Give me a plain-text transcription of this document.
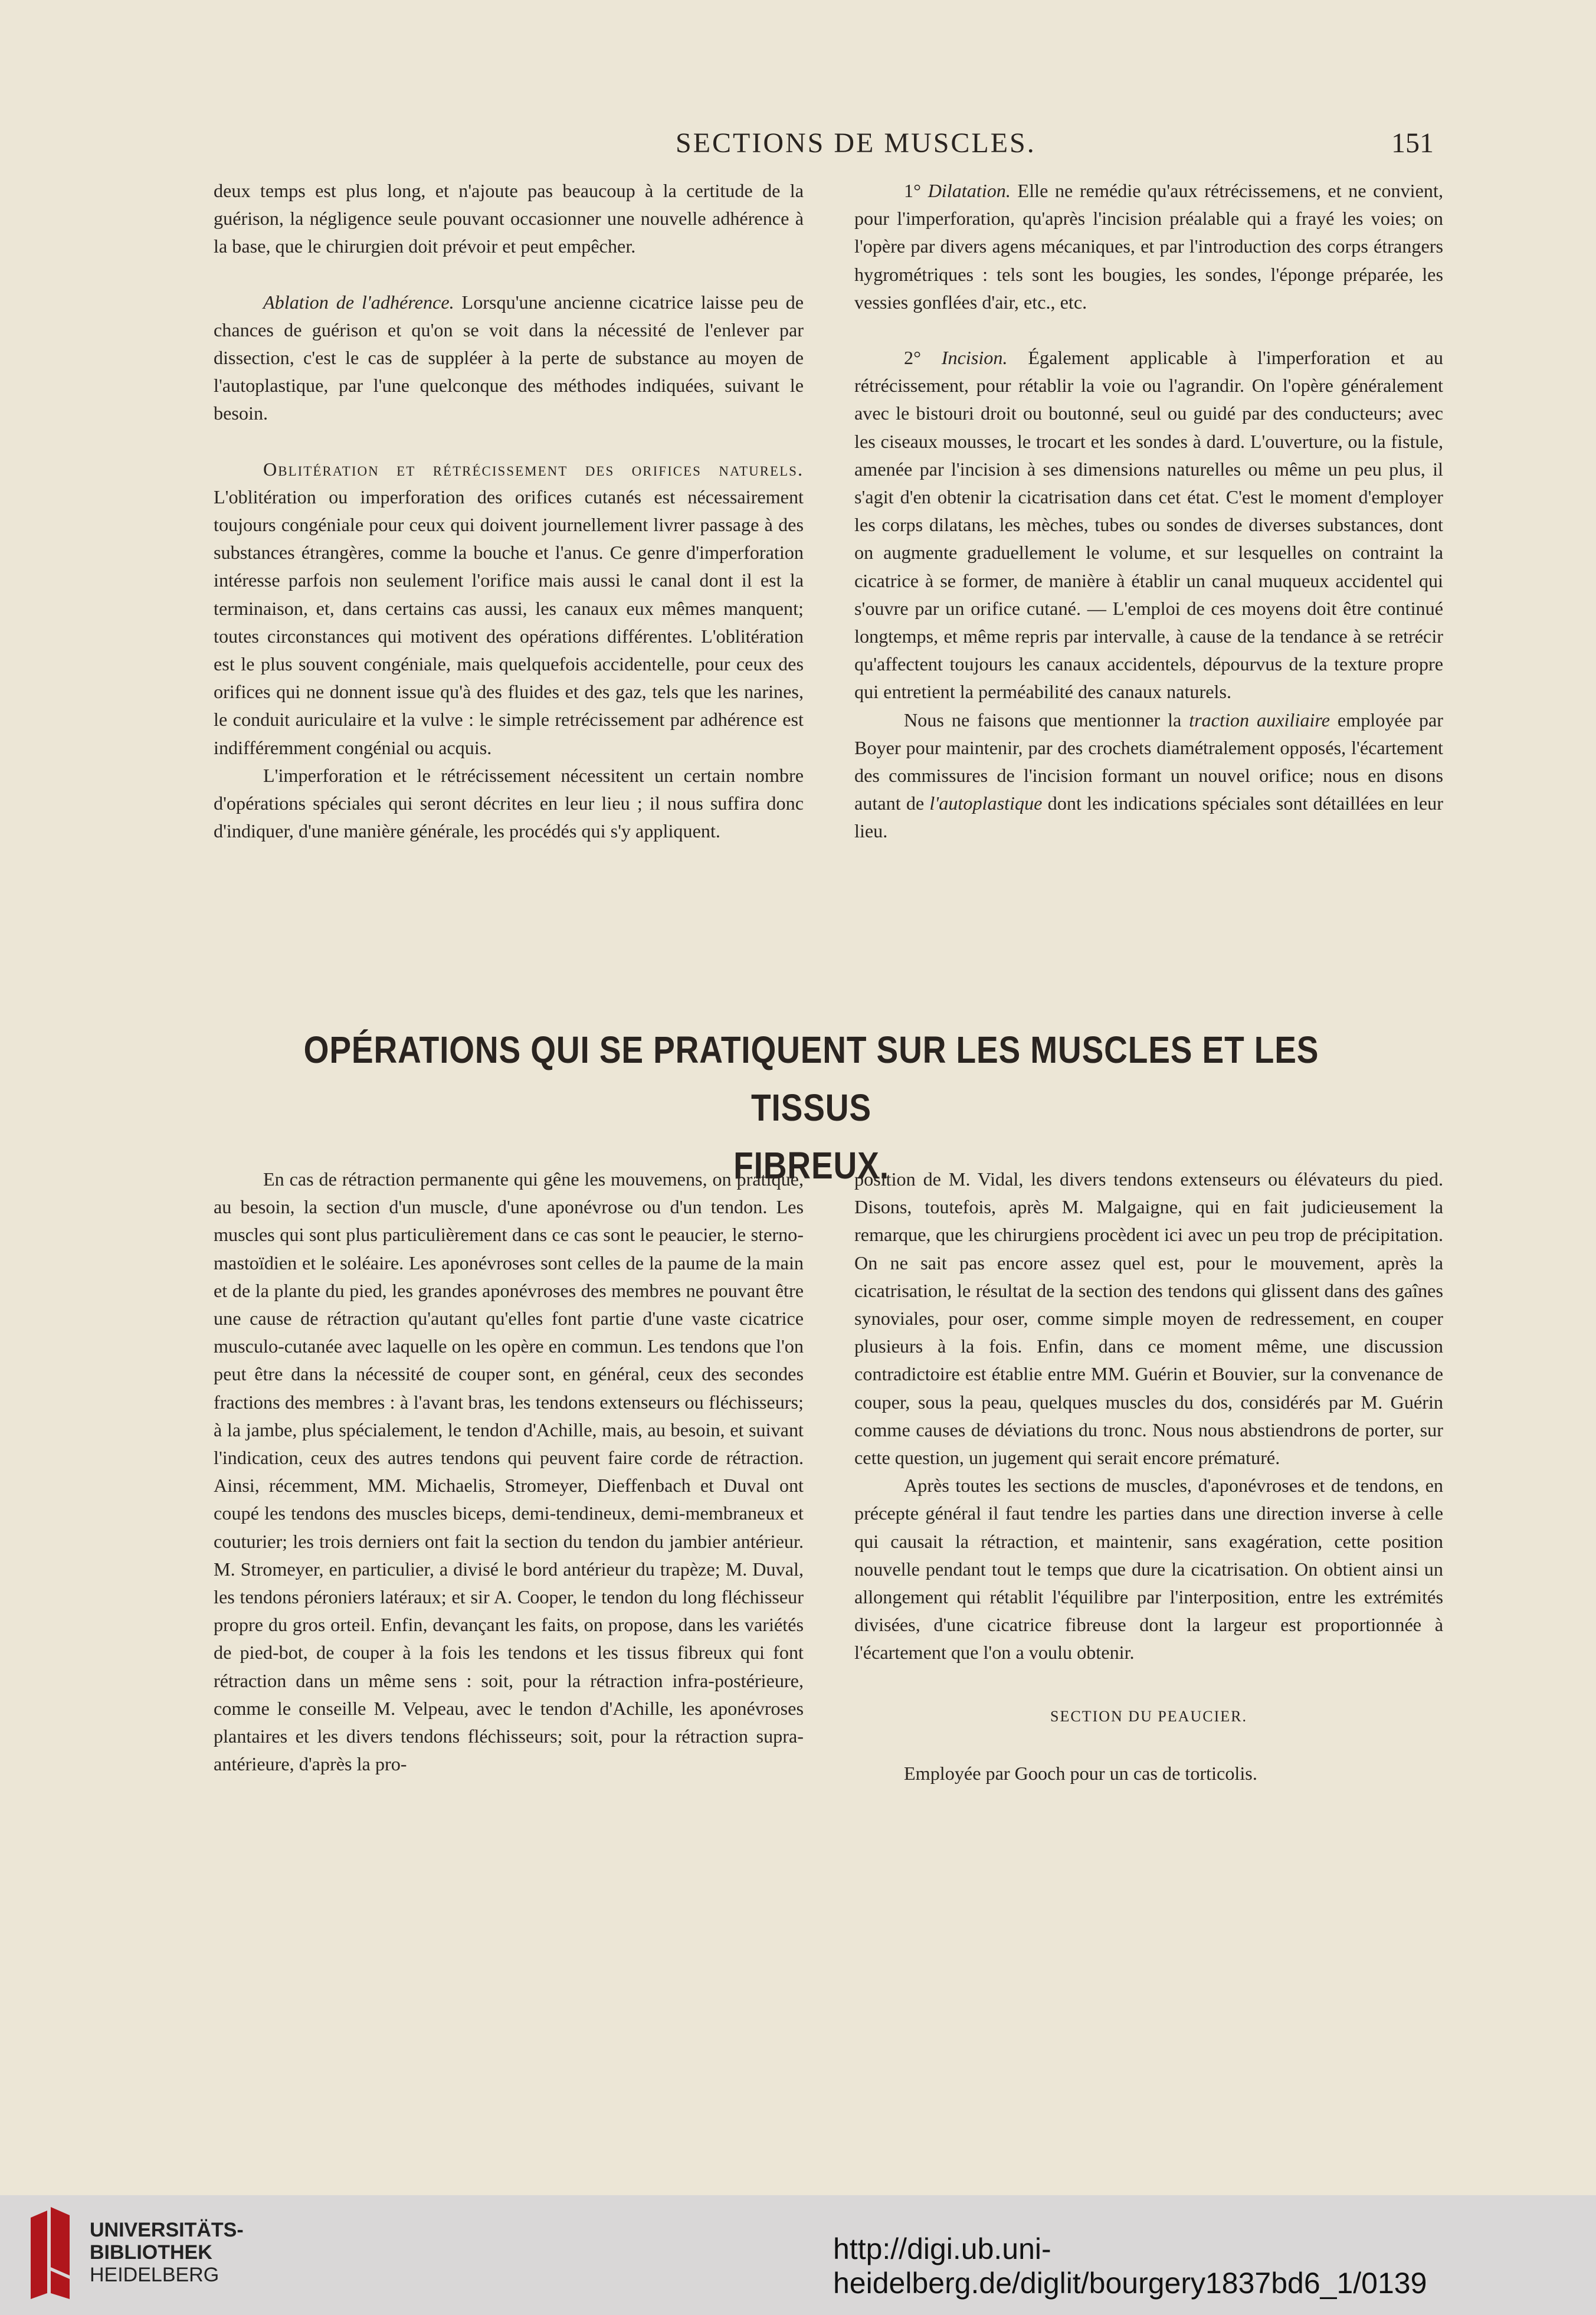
SECTIONS DE MUSCLES.	151

deux temps est plus long, et n'ajoute pas beaucoup à la certitude de la guérison, la négligence seule pouvant occasionner une nouvelle adhérence à la base, que le chirurgien doit prévoir et peut empêcher.

Ablation de l'adhérence. Lorsqu'une ancienne cicatrice laisse peu de chances de guérison et qu'on se voit dans la nécessité de l'enlever par dissection, c'est le cas de suppléer à la perte de substance au moyen de l'autoplastique, par l'une quelconque des méthodes indiquées, suivant le besoin.

Oblitération et rétrécissement des orifices naturels. L'oblitération ou imperforation des orifices cutanés est nécessairement toujours congéniale pour ceux qui doivent journellement livrer passage à des substances étrangères, comme la bouche et l'anus. Ce genre d'imperforation intéresse parfois non seulement l'orifice mais aussi le canal dont il est la terminaison, et, dans certains cas aussi, les canaux eux mêmes manquent; toutes circonstances qui motivent des opérations différentes. L'oblitération est le plus souvent congéniale, mais quelquefois accidentelle, pour ceux des orifices qui ne donnent issue qu'à des fluides et des gaz, tels que les narines, le conduit auriculaire et la vulve : le simple retrécissement par adhérence est indifféremment congénial ou acquis.

L'imperforation et le rétrécissement nécessitent un certain nombre d'opérations spéciales qui seront décrites en leur lieu ; il nous suffira donc d'indiquer, d'une manière générale, les procédés qui s'y appliquent.

1° Dilatation. Elle ne remédie qu'aux rétrécissemens, et ne convient, pour l'imperforation, qu'après l'incision préalable qui a frayé les voies; on l'opère par divers agens mécaniques, et par l'introduction des corps étrangers hygrométriques : tels sont les bougies, les sondes, l'éponge préparée, les vessies gonflées d'air, etc., etc.

2° Incision. Également applicable à l'imperforation et au rétrécissement, pour rétablir la voie ou l'agrandir. On l'opère généralement avec le bistouri droit ou boutonné, seul ou guidé par des conducteurs; avec les ciseaux mousses, le trocart et les sondes à dard. L'ouverture, ou la fistule, amenée par l'incision à ses dimensions naturelles ou même un peu plus, il s'agit d'en obtenir la cicatrisation dans cet état. C'est le moment d'employer les corps dilatans, les mèches, tubes ou sondes de diverses substances, dont on augmente graduellement le volume, et sur lesquelles on contraint la cicatrice à se former, de manière à établir un canal muqueux accidentel qui s'ouvre par un orifice cutané. — L'emploi de ces moyens doit être continué longtemps, et même repris par intervalle, à cause de la tendance à se retrécir qu'affectent toujours les canaux accidentels, dépourvus de la texture propre qui entretient la perméabilité des canaux naturels.

Nous ne faisons que mentionner la traction auxiliaire employée par Boyer pour maintenir, par des crochets diamétralement opposés, l'écartement des commissures de l'incision formant un nouvel orifice; nous en disons autant de l'autoplastique dont les indications spéciales sont détaillées en leur lieu.

OPÉRATIONS QUI SE PRATIQUENT SUR LES MUSCLES ET LES TISSUS
FIBREUX.

En cas de rétraction permanente qui gêne les mouvemens, on pratique, au besoin, la section d'un muscle, d'une aponévrose ou d'un tendon. Les muscles qui sont plus particulièrement dans ce cas sont le peaucier, le sterno-mastoïdien et le soléaire. Les aponévroses sont celles de la paume de la main et de la plante du pied, les grandes aponévroses des membres ne pouvant être une cause de rétraction qu'autant qu'elles font partie d'une vaste cicatrice musculo-cutanée avec laquelle on les opère en commun. Les tendons que l'on peut être dans la nécessité de couper sont, en général, ceux des secondes fractions des membres : à l'avant bras, les tendons extenseurs ou fléchisseurs; à la jambe, plus spécialement, le tendon d'Achille, mais, au besoin, et suivant l'indication, ceux des autres tendons qui peuvent faire corde de rétraction. Ainsi, récemment, MM. Michaelis, Stromeyer, Dieffenbach et Duval ont coupé les tendons des muscles biceps, demi-tendineux, demi-membraneux et couturier; les trois derniers ont fait la section du tendon du jambier antérieur. M. Stromeyer, en particulier, a divisé le bord antérieur du trapèze; M. Duval, les tendons péroniers latéraux; et sir A. Cooper, le tendon du long fléchisseur propre du gros orteil. Enfin, devançant les faits, on propose, dans les variétés de pied-bot, de couper à la fois les tendons et les tissus fibreux qui font rétraction dans un même sens : soit, pour la rétraction infra-postérieure, comme le conseille M. Velpeau, avec le tendon d'Achille, les aponévroses plantaires et les divers tendons fléchisseurs; soit, pour la rétraction supra-antérieure, d'après la pro-

position de M. Vidal, les divers tendons extenseurs ou élévateurs du pied. Disons, toutefois, après M. Malgaigne, qui en fait judicieusement la remarque, que les chirurgiens procèdent ici avec un peu trop de précipitation. On ne sait pas encore assez quel est, pour le mouvement, après la cicatrisation, le résultat de la section des tendons qui glissent dans des gaînes synoviales, pour oser, comme simple moyen de redressement, en couper plusieurs à la fois. Enfin, dans ce moment même, une discussion contradictoire est établie entre MM. Guérin et Bouvier, sur la convenance de couper, sous la peau, quelques muscles du dos, considérés par M. Guérin comme causes de déviations du tronc. Nous nous abstiendrons de porter, sur cette question, un jugement qui serait encore prématuré.

Après toutes les sections de muscles, d'aponévroses et de tendons, en précepte général il faut tendre les parties dans une direction inverse à celle qui causait la rétraction, et maintenir, sans exagération, cette position nouvelle pendant tout le temps que dure la cicatrisation. On obtient ainsi un allongement qui rétablit l'équilibre par l'interposition, entre les extrémités divisées, d'une cicatrice fibreuse dont la largeur est proportionnée à l'écartement que l'on a voulu obtenir.

SECTION DU PEAUCIER.

Employée par Gooch pour un cas de torticolis.

UNIVERSITÄTS-
BIBLIOTHEK
HEIDELBERG
http://digi.ub.uni-heidelberg.de/diglit/bourgery1837bd6_1/0139
